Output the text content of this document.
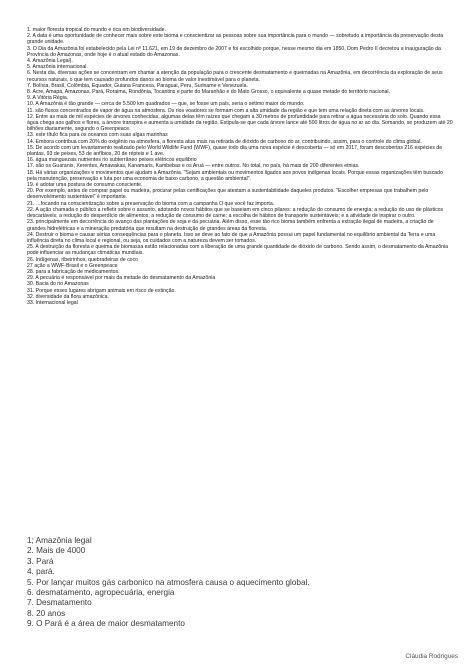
1. maior floresta tropical do mundo e rica em biodiversidade.
2. A data é uma oportunidade de conhecer mais sobre este bioma e conscientizar as pessoas sobre sua importância para o mundo — sobretudo a importância da preservação desta grande unidade.
3. O Dia da Amazônia foi estabelecido pela Lei nº 11.621, em 19 de dezembro de 2007 e foi escolhido porque, nesse mesmo dia em 1850, Dom Pedro II decretou a inauguração da Província do Amazonas, onde hoje é o atual estado do Amazonas.
4. Amazônia Legal).
5. Amazônia internacional.
6. Nesta dia, diversas ações se concentram em chamar a atenção da população para o crescente desmatamento e queimadas na Amazônia, em decorrência da exploração de seus recursos naturais, o que tem causado profundos danos ao bioma de valor inestimável para o planeta.
7. Bolívia, Brasil, Colômbia, Equador, Guiana Francesa, Paraguai, Peru, Suriname e Venezuela.
8. Acre, Amapá, Amazonas, Pará, Roraima, Rondônia, Tocantins e parte do Maranhão e do Mato Grosso, o equivalente a quase metade do território nacional.
9. A Vitória Régia.
10. A Amazônia é tão grande — cerca de 5.500 km quadrados — que, se fosse um país, seria o sétimo maior do mundo.
11. são fluxos concentrados de vapor de água na atmosfera. Os rios voadores se formam com a alta umidade da região e que tem uma relação direta com as árvores locais.
12. Entre as mais de mil espécies de árvores conhecidas, algumas delas têm raízes que chegam a 30 metros de profundidade para retirar a água necessária do solo. Quando essa água chega aos galhos e flores, a árvore transpira e aumenta a umidade da região. Estipula-se que cada árvore lance até 500 litros de água no ar ao dia. Somando, se produzem até 20 bilhões diariamente, segundo o Greenpeace.
13. este título fica para os oceanos com suas algas marinhas
14. Embora contribua com 20% do oxigênio na atmosfera, a floresta atua mais na retirada de dióxido de carbono do ar, contribuindo, assim, para o controle do clima global.
15. De acordo com um levantamento realizado pelo World Wildlife Fund (WWF), quase todo dia uma nova espécie é descoberta — só em 2017, foram descobertas 216 espécies de plantas, 93 de peixes, 53 de anfíbios, 20 de répteis e 1 ave.
16. água manguezais nutrientes rio subterrâneo peixes elétricos equilibrio
17. são os Guaranis, Xerentes, Amawakas, Kanamaris, Kambebas e os Aruá — entre outros. No total, no país, há mais de 200 diferentes etnias.
18. Há várias organizações e movimentos que ajudam a Amazônia. "Sejam ambientais ou movimentos ligados aos povos indígenas locais. Porque essas organizações têm buscado pela manutenção, preservação e luta por uma economia de baixo carbono, a questão ambiental".
19. é adotar uma postura de consumo consciente.
20. Por exemplo, antes de comprar papel ou madeira, procurar pelas certificações que atestam a sustentabilidade daqueles produtos. "Escolher empresas que trabalhem pelo desenvolvimento sustentável" é importante.
21. …focando na conscientização sobre a preservação do bioma com a campanha O que você faz importa.
22. A ação chamada o público a refletir sobre o assunto, adotando novos hábitos que se baseiam em cinco pilares: a redução do consumo de energia; a redução do uso de plásticos descartáveis; a redução do desperdício de alimentos; a redução de consumo de carne; a escolha de hábitos de transporte sustentáveis; e a atividade de inspirar o outro.
23. principalmente em decorrência do avanço das plantações de soja e da pecuária. Além disso, esse tão rico bioma também enfrenta a extração ilegal de madeira, a criação de grandes hidrelétricas e a mineração predatória que resultam na destruição de grandes áreas da floresta.
24. Destruir o bioma e causar sérias consequências para o planeta. Isso se deve ao fato de que a Amazônia possui um papel fundamental no equilíbrio ambiental da Terra e uma influência direta no clima local e regional, ou seja, os cuidados com a natureza devem ser tomados.
25. A destruição da floresta e queima de biomassa estão relacionadas com a liberação de uma grande quantidade de dióxido de carbono. Sendo assim, o desmatamento da Amazônia pode influenciar as mudanças climáticas mundiais.
26. Indígenas, ribeirinhos, quebradeiras de coco
27 ação a WWF-Brasil e o Greenpeace
28. para a fabricação de medicamentos.
29. A pecuária é responsável por mais da metade do desmatamento da Amazônia
30. Bacia do rio Amazonas
31. Porque esses lugares abrigam animais em risco de extinção.
32. diversidade da flora amazônica.
33. Internacional legal
1; Amazônia legal
2. Mais de 4000
3. Pará
4. pará.
5. Por lançar muitos gás carbonico na atmosfera causa o aquecimento global.
6. desmatamento, agropecuária, energia
7. Desmatamento
8. 20 anos
9. O Pará é a área de maior desmatamento
Cláudia Rodrigues
